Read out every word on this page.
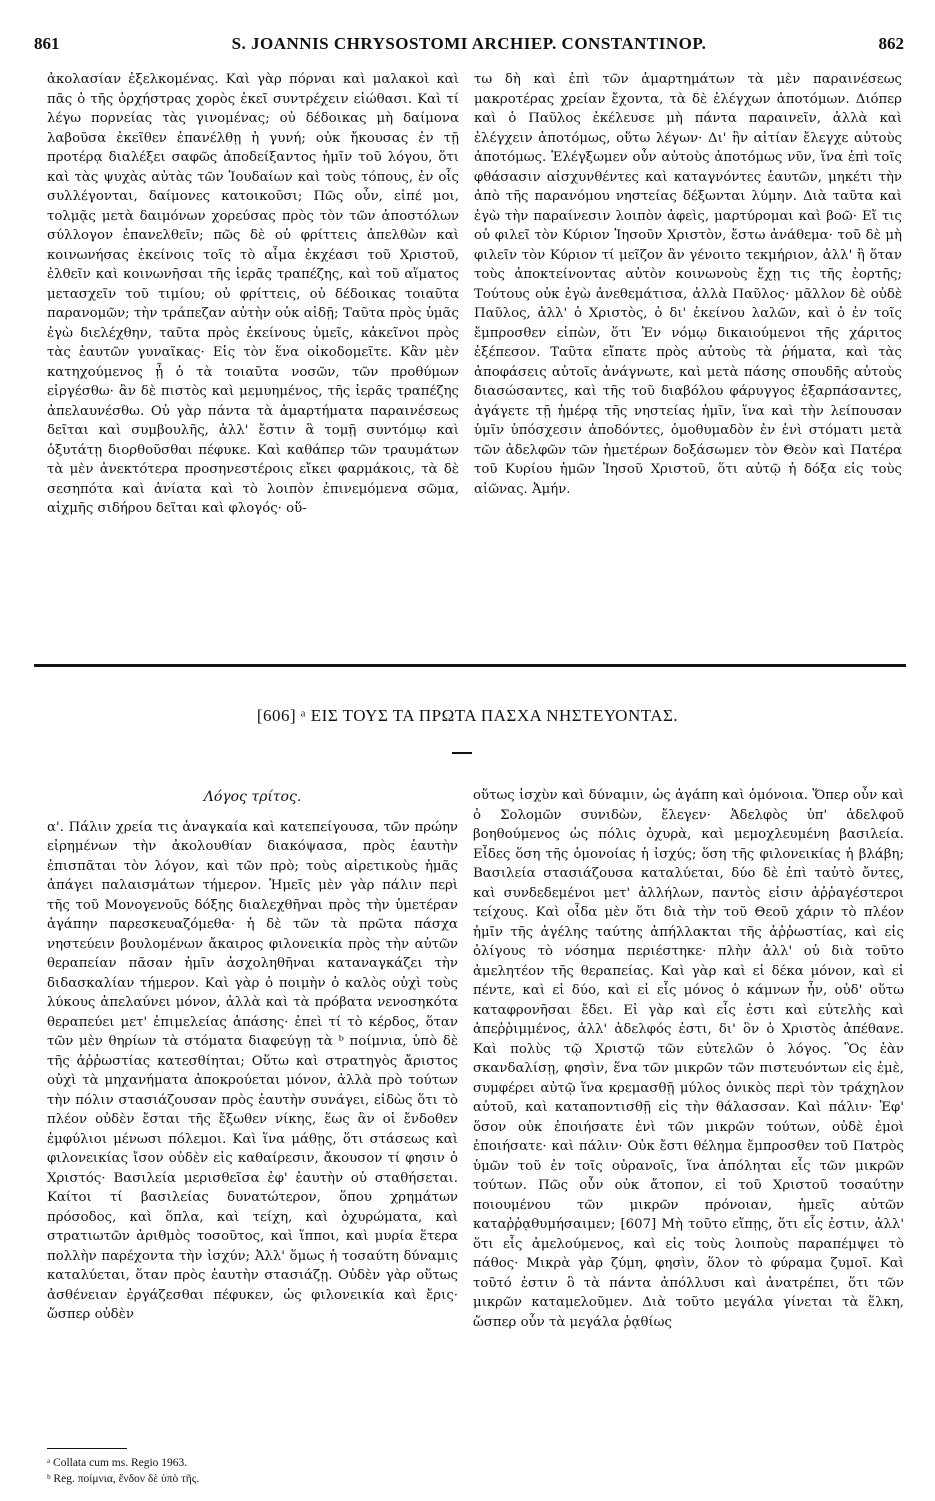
861	S. JOANNIS CHRYSOSTOMI ARCHIEP. CONSTANTINOP.	862

ἀκολασίαν ἐξελκομένας. Καὶ γὰρ πόρναι καὶ μαλακοὶ καὶ πᾶς ὁ τῆς ὀρχήστρας χορὸς ἐκεῖ συντρέχειν εἰώθασι. Καὶ τί λέγω πορνείας τὰς γινομένας; οὐ δέδοικας μὴ δαίμονα λαβοῦσα ἐκεῖθεν ἐπανέλθῃ ἡ γυνή; οὐκ ἤκουσας ἐν τῇ προτέρᾳ διαλέξει σαφῶς ἀποδείξαντος ἡμῖν τοῦ λόγου, ὅτι καὶ τὰς ψυχὰς αὐτὰς τῶν Ἰουδαίων καὶ τοὺς τόπους, ἐν οἷς συλλέγονται, δαίμονες κατοικοῦσι; Πῶς οὖν, εἰπέ μοι, τολμᾷς μετὰ δαιμόνων χορεύσας πρὸς τὸν τῶν ἀποστόλων σύλλογον ἐπανελθεῖν; πῶς δὲ οὐ φρίττεις ἀπελθὼν καὶ κοινωνήσας ἐκείνοις τοῖς τὸ αἷμα ἐκχέασι τοῦ Χριστοῦ, ἐλθεῖν καὶ κοινωνῆσαι τῆς ἱερᾶς τραπέζης, καὶ τοῦ αἵματος μετασχεῖν τοῦ τιμίου; οὐ φρίττεις, οὐ δέδοικας τοιαῦτα παρανομῶν; τὴν τράπεζαν αὐτὴν οὐκ αἰδῇ; Ταῦτα πρὸς ὑμᾶς ἐγὼ διελέχθην, ταῦτα πρὸς ἐκείνους ὑμεῖς, κἀκεῖνοι πρὸς τὰς ἑαυτῶν γυναῖκας· Εἰς τὸν ἕνα οἰκοδομεῖτε. Κἂν μὲν κατηχούμενος ᾖ ὁ τὰ τοιαῦτα νοσῶν, τῶν προθύμων εἰργέσθω· ἂν δὲ πιστὸς καὶ μεμυημένος, τῆς ἱερᾶς τραπέζης ἀπελαυνέσθω. Οὐ γὰρ πάντα τὰ ἁμαρτήματα παραινέσεως δεῖται καὶ συμβουλῆς, ἀλλ' ἔστιν ἃ τομῇ συντόμῳ καὶ ὀξυτάτῃ διορθοῦσθαι πέφυκε. Καὶ καθάπερ τῶν τραυμάτων τὰ μὲν ἀνεκτότερα προσηνεστέροις εἴκει φαρμάκοις, τὰ δὲ σεσηπότα καὶ ἀνίατα καὶ τὸ λοιπὸν ἐπινεμόμενα σῶμα, αἰχμῆς σιδήρου δεῖται καὶ φλογός· οὕ-

τω δὴ καὶ ἐπὶ τῶν ἁμαρτημάτων τὰ μὲν παραινέσεως μακροτέρας χρείαν ἔχοντα, τὰ δὲ ἐλέγχων ἀποτόμων. Διόπερ καὶ ὁ Παῦλος ἐκέλευσε μὴ πάντα παραινεῖν, ἀλλὰ καὶ ἐλέγχειν ἀποτόμως, οὕτω λέγων· Δι' ἣν αἰτίαν ἔλεγχε αὐτοὺς ἀποτόμως. Ἐλέγξωμεν οὖν αὐτοὺς ἀποτόμως νῦν, ἵνα ἐπὶ τοῖς φθάσασιν αἰσχυνθέντες καὶ καταγνόντες ἑαυτῶν, μηκέτι τὴν ἀπὸ τῆς παρανόμου νηστείας δέξωνται λύμην. Διὰ ταῦτα καὶ ἐγὼ τὴν παραίνεσιν λοιπὸν ἀφεὶς, μαρτύρομαι καὶ βοῶ· Εἴ τις οὐ φιλεῖ τὸν Κύριον Ἰησοῦν Χριστὸν, ἔστω ἀνάθεμα· τοῦ δὲ μὴ φιλεῖν τὸν Κύριον τί μεῖζον ἂν γένοιτο τεκμήριον, ἀλλ' ἢ ὅταν τοὺς ἀποκτείνοντας αὐτὸν κοινωνοὺς ἔχῃ τις τῆς ἑορτῆς; Τούτους οὐκ ἐγὼ ἀνεθεμάτισα, ἀλλὰ Παῦλος· μᾶλλον δὲ οὐδὲ Παῦλος, ἀλλ' ὁ Χριστὸς, ὁ δι' ἐκείνου λαλῶν, καὶ ὁ ἐν τοῖς ἔμπροσθεν εἰπὼν, ὅτι Ἐν νόμῳ δικαιούμενοι τῆς χάριτος ἐξέπεσον. Ταῦτα εἴπατε πρὸς αὐτοὺς τὰ ῥήματα, καὶ τὰς ἀποφάσεις αὐτοῖς ἀνάγνωτε, καὶ μετὰ πάσης σπουδῆς αὐτοὺς διασώσαντες, καὶ τῆς τοῦ διαβόλου φάρυγγος ἐξαρπάσαντες, ἀγάγετε τῇ ἡμέρᾳ τῆς νηστείας ἡμῖν, ἵνα καὶ τὴν λείπουσαν ὑμῖν ὑπόσχεσιν ἀποδόντες, ὁμοθυμαδὸν ἐν ἑνὶ στόματι μετὰ τῶν ἀδελφῶν τῶν ἡμετέρων δοξάσωμεν τὸν Θεὸν καὶ Πατέρα τοῦ Κυρίου ἡμῶν Ἰησοῦ Χριστοῦ, ὅτι αὐτῷ ἡ δόξα εἰς τοὺς αἰῶνας. Ἀμήν.

[606] ᵃ ΕΙΣ ΤΟΥΣ ΤΑ ΠΡΩΤΑ ΠΑΣΧΑ ΝΗΣΤΕΥΟΝΤΑΣ.

Λόγος τρίτος.

α'. Πάλιν χρεία τις ἀναγκαία καὶ κατεπείγουσα, τῶν πρώην εἰρημένων τὴν ἀκολουθίαν διακόψασα, πρὸς ἑαυτὴν ἐπισπᾶται τὸν λόγον, καὶ τῶν πρὸ; τοὺς αἱρετικοὺς ἡμᾶς ἀπάγει παλαισμάτων τήμερον. Ἡμεῖς μὲν γὰρ πάλιν περὶ τῆς τοῦ Μονογενοῦς δόξης διαλεχθῆναι πρὸς τὴν ὑμετέραν ἀγάπην παρεσκευαζόμεθα· ἡ δὲ τῶν τὰ πρῶτα πάσχα νηστεύειν βουλομένων ἄκαιρος φιλονεικία πρὸς τὴν αὐτῶν θεραπείαν πᾶσαν ἡμῖν ἀσχοληθῆναι καταναγκάζει τὴν διδασκαλίαν τήμερον. Καὶ γὰρ ὁ ποιμὴν ὁ καλὸς οὐχὶ τοὺς λύκους ἀπελαύνει μόνον, ἀλλὰ καὶ τὰ πρόβατα νενοσηκότα θεραπεύει μετ' ἐπιμελείας ἁπάσης· ἐπεὶ τί τὸ κέρδος, ὅταν τῶν μὲν θηρίων τὰ στόματα διαφεύγῃ τὰ ᵇ ποίμνια, ὑπὸ δὲ τῆς ἀῤῥωστίας κατεσθίηται; Οὕτω καὶ στρατηγὸς ἄριστος οὐχὶ τὰ μηχανήματα ἀποκρούεται μόνον, ἀλλὰ πρὸ τούτων τὴν πόλιν στασιάζουσαν πρὸς ἑαυτὴν συνάγει, εἰδὼς ὅτι τὸ πλέον οὐδὲν ἔσται τῆς ἔξωθεν νίκης, ἕως ἂν οἱ ἔνδοθεν ἐμφύλιοι μένωσι πόλεμοι. Καὶ ἵνα μάθῃς, ὅτι στάσεως καὶ φιλονεικίας ἴσον οὐδὲν εἰς καθαίρεσιν, ἄκουσον τί φησιν ὁ Χριστός· Βασιλεία μερισθεῖσα ἐφ' ἑαυτὴν οὐ σταθήσεται. Καίτοι τί βασιλείας δυνατώτερον, ὅπου χρημάτων πρόσοδος, καὶ ὅπλα, καὶ τείχη, καὶ ὀχυρώματα, καὶ στρατιωτῶν ἀριθμὸς τοσοῦτος, καὶ ἵπποι, καὶ μυρία ἕτερα πολλὴν παρέχοντα τὴν ἰσχύν; Ἀλλ' ὅμως ἡ τοσαύτη δύναμις καταλύεται, ὅταν πρὸς ἑαυτὴν στασιάζῃ. Οὐδὲν γὰρ οὕτως ἀσθένειαν ἐργάζεσθαι πέφυκεν, ὡς φιλονεικία καὶ ἔρις· ὥσπερ οὐδὲν

οὕτως ἰσχὺν καὶ δύναμιν, ὡς ἀγάπη καὶ ὁμόνοια. Ὅπερ οὖν καὶ ὁ Σολομῶν συνιδὼν, ἔλεγεν· Ἀδελφὸς ὑπ' ἀδελφοῦ βοηθούμενος ὡς πόλις ὀχυρὰ, καὶ μεμοχλευμένη βασιλεία. Εἶδες ὅση τῆς ὁμονοίας ἡ ἰσχύς; ὅση τῆς φιλονεικίας ἡ βλάβη; Βασιλεία στασιάζουσα καταλύεται, δύο δὲ ἐπὶ ταὐτὸ ὄντες, καὶ συνδεδεμένοι μετ' ἀλλήλων, παντὸς εἰσιν ἀῤῥαγέστεροι τείχους. Καὶ οἶδα μὲν ὅτι διὰ τὴν τοῦ Θεοῦ χάριν τὸ πλέον ἡμῖν τῆς ἀγέλης ταύτης ἀπήλλακται τῆς ἀῤῥωστίας, καὶ εἰς ὀλίγους τὸ νόσημα περιέστηκε· πλὴν ἀλλ' οὐ διὰ τοῦτο ἀμελητέον τῆς θεραπείας. Καὶ γὰρ καὶ εἰ δέκα μόνον, καὶ εἰ πέντε, καὶ εἰ δύο, καὶ εἰ εἷς μόνος ὁ κάμνων ἦν, οὐδ' οὕτω καταφρονῆσαι ἔδει. Εἰ γὰρ καὶ εἷς ἐστι καὶ εὐτελὴς καὶ ἀπεῤῥιμμένος, ἀλλ' ἀδελφός ἐστι, δι' ὃν ὁ Χριστὸς ἀπέθανε. Καὶ πολὺς τῷ Χριστῷ τῶν εὐτελῶν ὁ λόγος. Ὃς ἐὰν σκανδαλίσῃ, φησὶν, ἕνα τῶν μικρῶν τῶν πιστευόντων εἰς ἐμὲ, συμφέρει αὐτῷ ἵνα κρεμασθῇ μύλος ὀνικὸς περὶ τὸν τράχηλον αὐτοῦ, καὶ καταποντισθῇ εἰς τὴν θάλασσαν. Καὶ πάλιν· Ἐφ' ὅσον οὐκ ἐποιήσατε ἑνὶ τῶν μικρῶν τούτων, οὐδὲ ἐμοὶ ἐποιήσατε· καὶ πάλιν· Οὐκ ἔστι θέλημα ἔμπροσθεν τοῦ Πατρὸς ὑμῶν τοῦ ἐν τοῖς οὐρανοῖς, ἵνα ἀπόληται εἷς τῶν μικρῶν τούτων. Πῶς οὖν οὐκ ἄτοπον, εἰ τοῦ Χριστοῦ τοσαύτην ποιουμένου τῶν μικρῶν πρόνοιαν, ἡμεῖς αὐτῶν καταῤῥᾳθυμήσαιμεν; [607] Μὴ τοῦτο εἴπῃς, ὅτι εἷς ἐστιν, ἀλλ' ὅτι εἷς ἀμελούμενος, καὶ εἰς τοὺς λοιποὺς παραπέμψει τὸ πάθος· Μικρὰ γὰρ ζύμη, φησὶν, ὅλον τὸ φύραμα ζυμοῖ. Καὶ τοῦτό ἐστιν ὃ τὰ πάντα ἀπόλλυσι καὶ ἀνατρέπει, ὅτι τῶν μικρῶν καταμελοῦμεν. Διὰ τοῦτο μεγάλα γίνεται τὰ ἕλκη, ὥσπερ οὖν τὰ μεγάλα ῥᾳθίως

ᵃ Collata cum ms. Regio 1963.
ᵇ Reg. ποίμνια, ἔνδον δὲ ὑπὸ τῆς.
